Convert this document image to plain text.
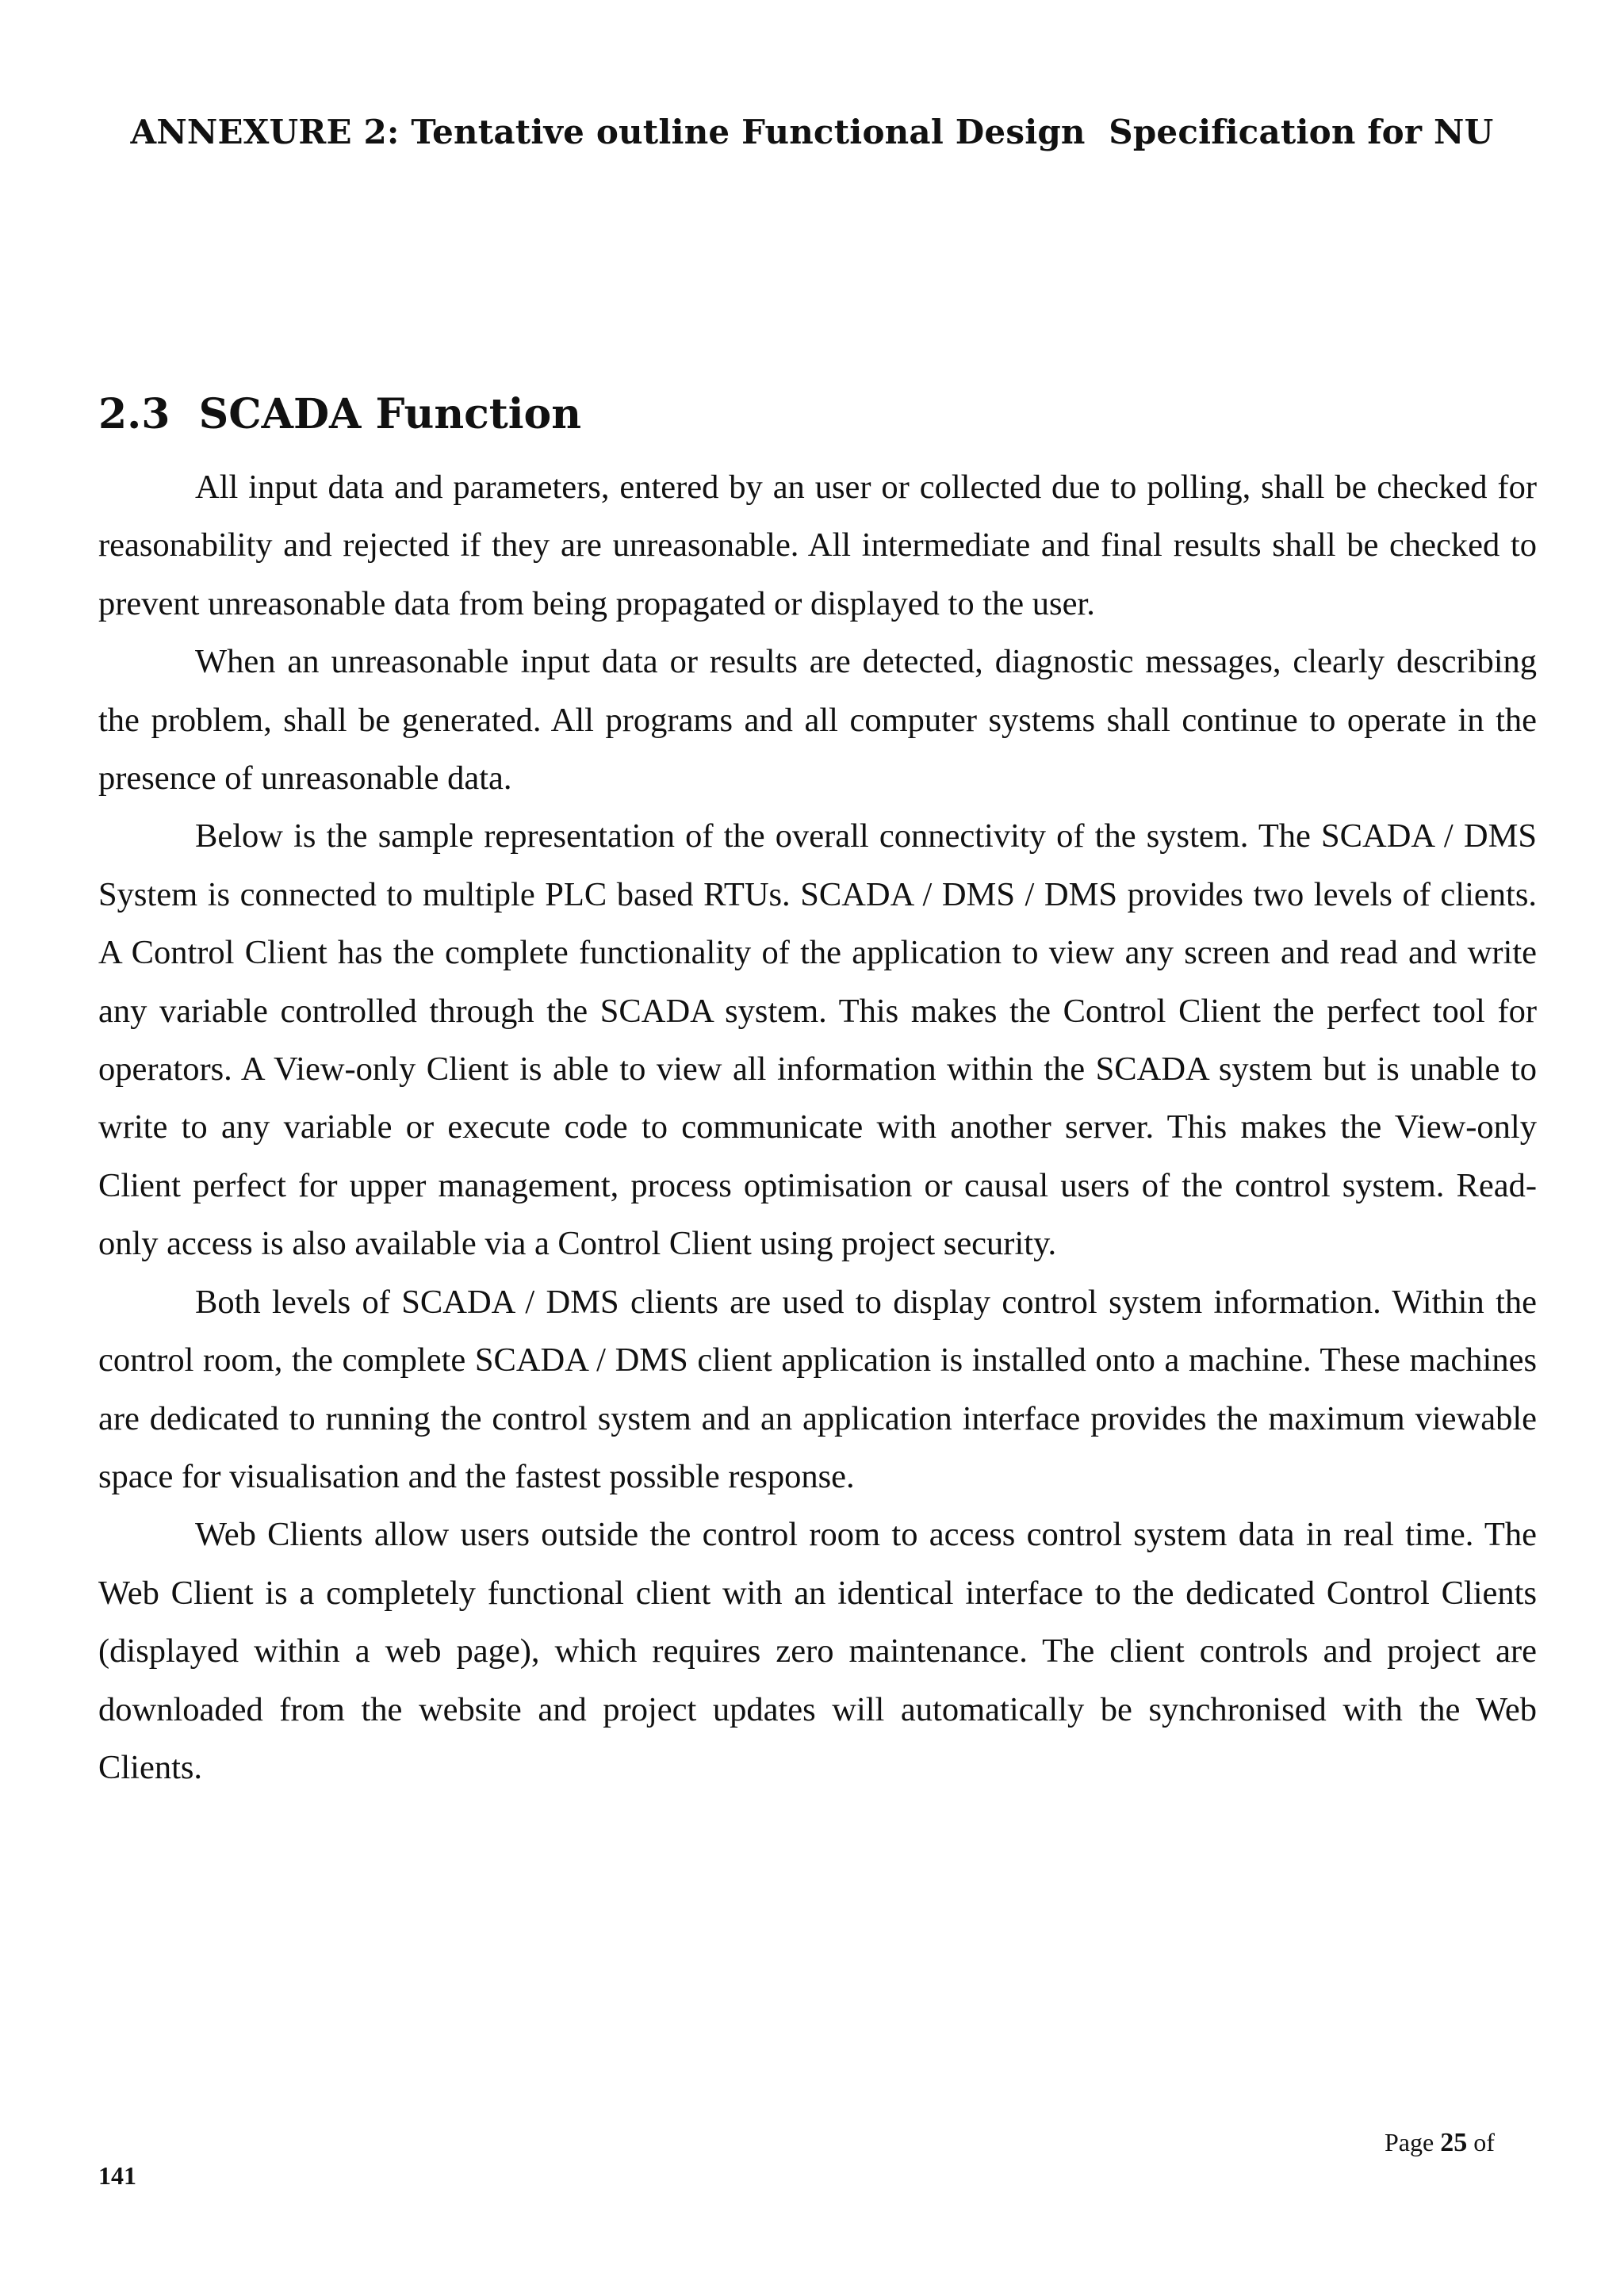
ANNEXURE 2: Tentative outline Functional Design  Specification for NU
2.3  SCADA Function

All input data and parameters, entered by an user or collected due to polling, shall be checked for reasonability and rejected if they are unreasonable. All intermediate and final results shall be checked to prevent unreasonable data from being propagated or displayed to the user.

When an unreasonable input data or results are detected, diagnostic messages, clearly describing the problem, shall be generated. All programs and all computer systems shall continue to operate in the presence of unreasonable data.

Below is the sample representation of the overall connectivity of the system. The SCADA / DMS System is connected to multiple PLC based RTUs. SCADA / DMS / DMS provides two levels of clients. A Control Client has the complete functionality of the application to view any screen and read and write any variable controlled through the SCADA system. This makes the Control Client the perfect tool for operators. A View-only Client is able to view all information within the SCADA system but is unable to write to any variable or execute code to communicate with another server. This makes the View-only Client perfect for upper management, process optimisation or causal users of the control system. Read-only access is also available via a Control Client using project security.

Both levels of SCADA / DMS clients are used to display control system information. Within the control room, the complete SCADA / DMS client application is installed onto a machine. These machines are dedicated to running the control system and an application interface provides the maximum viewable space for visualisation and the fastest possible response.

Web Clients allow users outside the control room to access control system data in real time. The Web Client is a completely functional client with an identical interface to the dedicated Control Clients (displayed within a web page), which requires zero maintenance. The client controls and project are downloaded from the website and project updates will automatically be synchronised with the Web Clients.

Page 25 of
141
